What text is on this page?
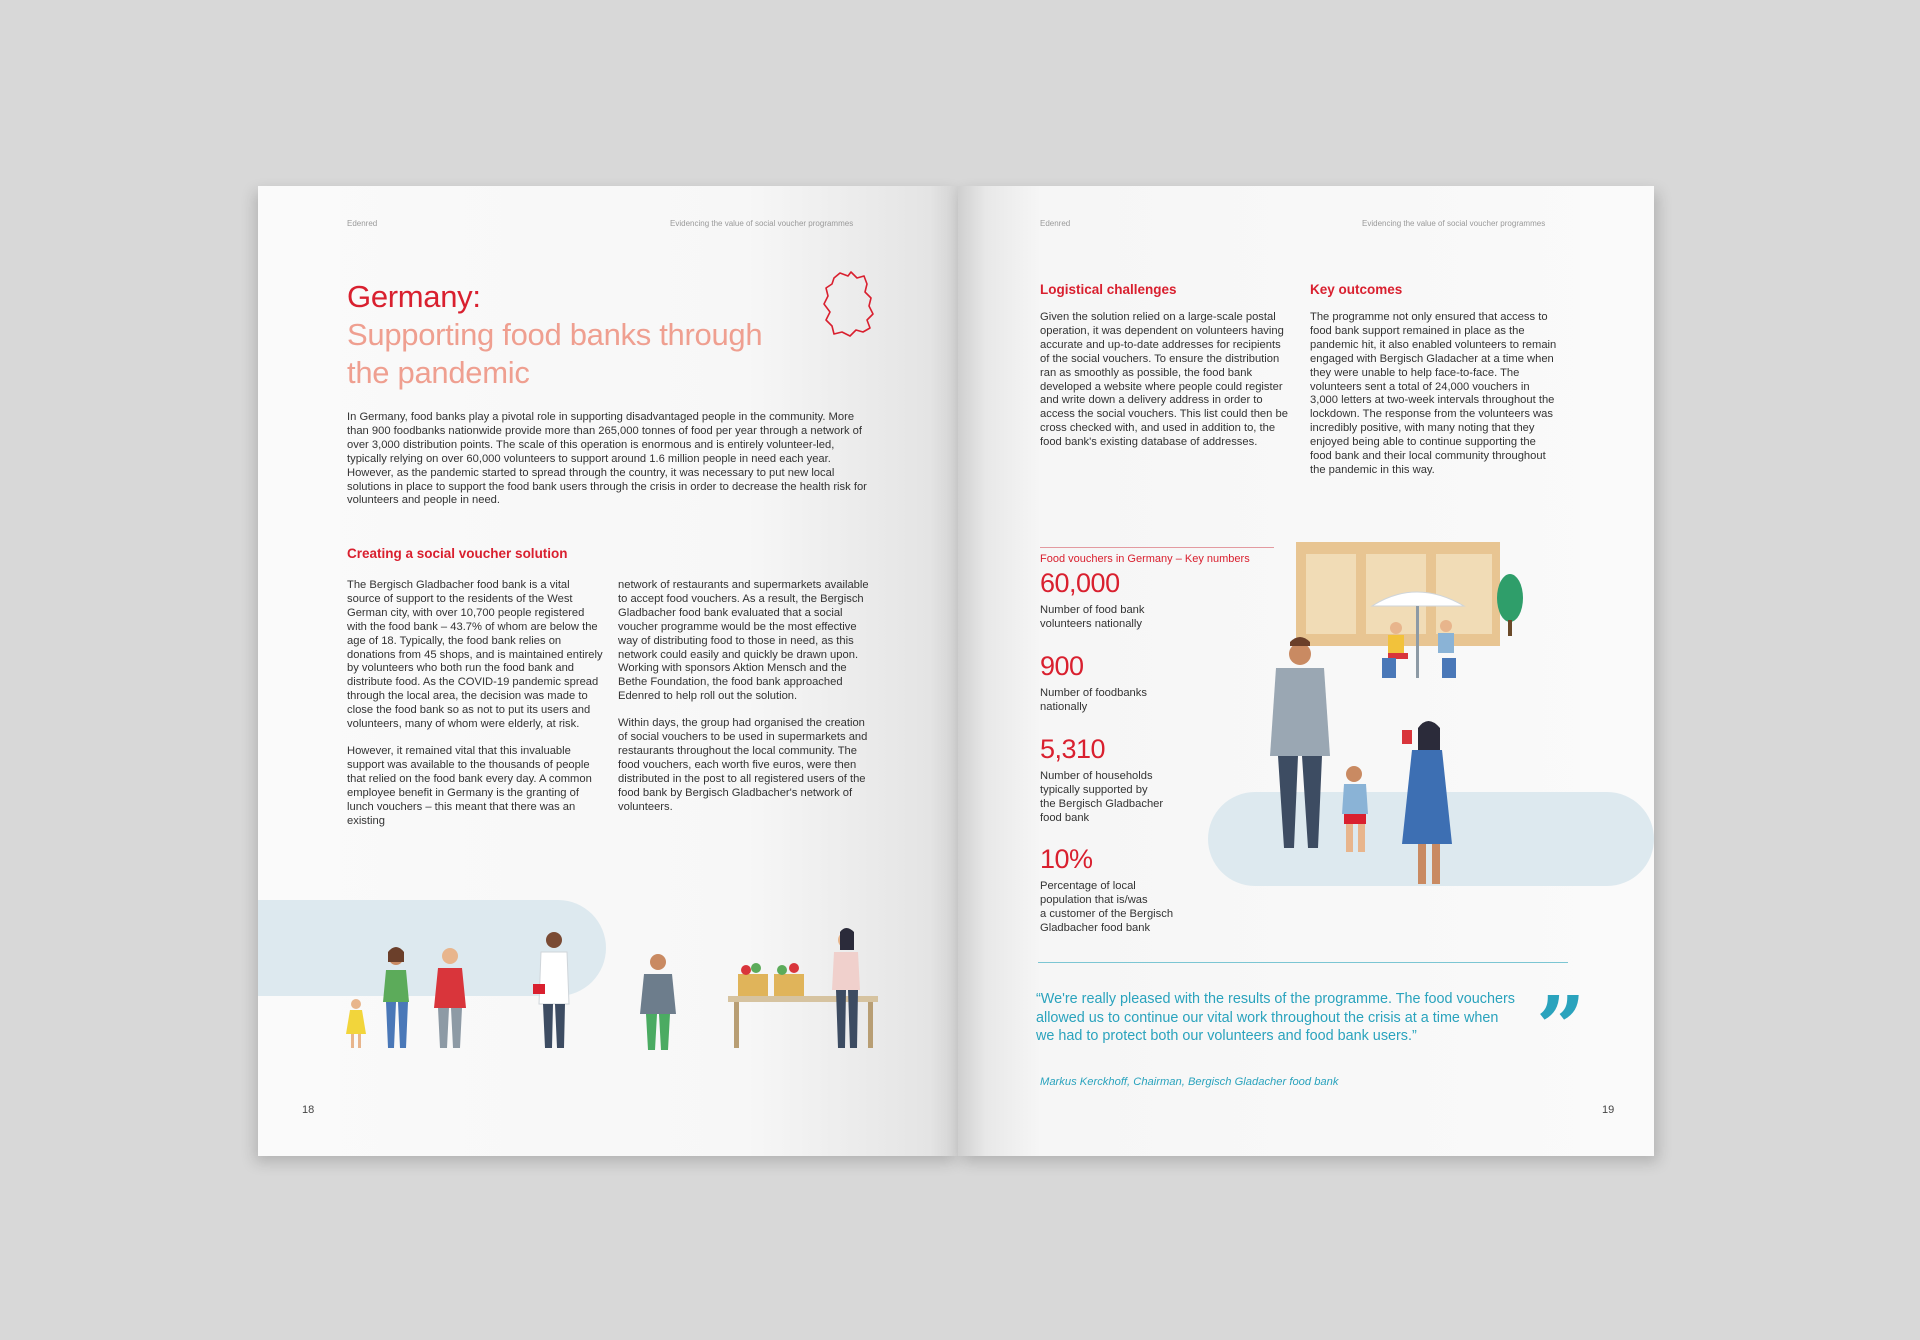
Edenred	Evidencing the value of social voucher programmes
Germany:
Supporting food banks through
the pandemic

In Germany, food banks play a pivotal role in supporting disadvantaged people in the community. More than 900 foodbanks nationwide provide more than 265,000 tonnes of food per year through a network of over 3,000 distribution points. The scale of this operation is enormous and is entirely volunteer-led, typically relying on over 60,000 volunteers to support around 1.6 million people in need each year. However, as the pandemic started to spread through the country, it was necessary to put new local solutions in place to support the food bank users through the crisis in order to decrease the health risk for volunteers and people in need.

Creating a social voucher solution

The Bergisch Gladbacher food bank is a vital source of support to the residents of the West German city, with over 10,700 people registered with the food bank – 43.7% of whom are below the age of 18. Typically, the food bank relies on donations from 45 shops, and is maintained entirely by volunteers who both run the food bank and distribute food. As the COVID-19 pandemic spread through the local area, the decision was made to close the food bank so as not to put its users and volunteers, many of whom were elderly, at risk.

However, it remained vital that this invaluable support was available to the thousands of people that relied on the food bank every day. A common employee benefit in Germany is the granting of lunch vouchers – this meant that there was an existing

network of restaurants and supermarkets available to accept food vouchers. As a result, the Bergisch Gladbacher food bank evaluated that a social voucher programme would be the most effective way of distributing food to those in need, as this network could easily and quickly be drawn upon. Working with sponsors Aktion Mensch and the Bethe Foundation, the food bank approached Edenred to help roll out the solution.

Within days, the group had organised the creation of social vouchers to be used in supermarkets and restaurants throughout the local community. The food vouchers, each worth five euros, were then distributed in the post to all registered users of the food bank by Bergisch Gladbacher's network of volunteers.

18
Edenred	Evidencing the value of social voucher programmes
Logistical challenges

Given the solution relied on a large-scale postal operation, it was dependent on volunteers having accurate and up-to-date addresses for recipients of the social vouchers. To ensure the distribution ran as smoothly as possible, the food bank developed a website where people could register and write down a delivery address in order to access the social vouchers. This list could then be cross checked with, and used in addition to, the food bank's existing database of addresses.

Key outcomes

The programme not only ensured that access to food bank support remained in place as the pandemic hit, it also enabled volunteers to remain engaged with Bergisch Gladacher at a time when they were unable to help face-to-face. The volunteers sent a total of 24,000 vouchers in 3,000 letters at two-week intervals throughout the lockdown. The response from the volunteers was incredibly positive, with many noting that they enjoyed being able to continue supporting the food bank and their local community throughout the pandemic in this way.

Food vouchers in Germany – Key numbers
60,000
Number of food bank
volunteers nationally
900
Number of foodbanks
nationally
5,310
Number of households
typically supported by
the Bergisch Gladbacher
food bank
10%
Percentage of local
population that is/was
a customer of the Bergisch
Gladbacher food bank

“We're really pleased with the results of the programme. The food vouchers allowed us to continue our vital work throughout the crisis at a time when we had to protect both our volunteers and food bank users.”

Markus Kerckhoff, Chairman, Bergisch Gladacher food bank
”
19
